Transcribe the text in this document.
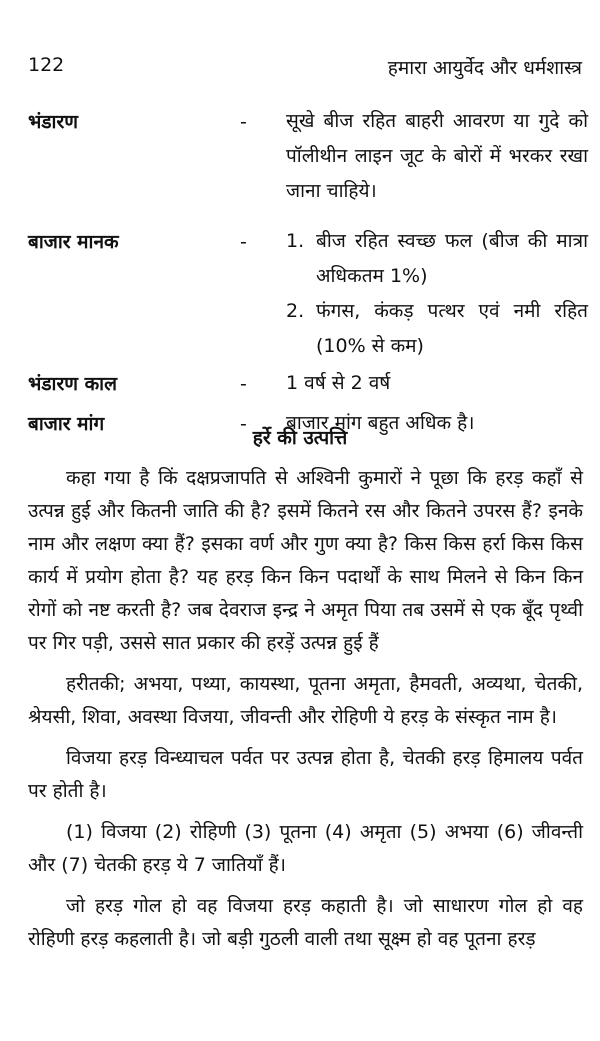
122	हमारा आयुर्वेद और धर्मशास्त्र
भंडारण	- सूखे बीज रहित बाहरी आवरण या गुदे को पॉलीथीन लाइन जूट के बोरों में भरकर रखा जाना चाहिये।
बाजार मानक	- 1. बीज रहित स्वच्छ फल (बीज की मात्रा अधिकतम 1%)
2. फंगस, कंकड़ पत्थर एवं नमी रहित (10% से कम)
भंडारण काल	- 1 वर्ष से 2 वर्ष
बाजार मांग	- बाजार मांग बहुत अधिक है।
हर्रे की उत्पत्ति

कहा गया है किं दक्षप्रजापति से अश्विनी कुमारों ने पूछा कि हरड़ कहाँ से उत्पन्न हुई और कितनी जाति की है? इसमें कितने रस और कितने उपरस हैं? इनके नाम और लक्षण क्या हैं? इसका वर्ण और गुण क्या है? किस किस हर्रा किस किस कार्य में प्रयोग होता है? यह हरड़ किन किन पदार्थों के साथ मिलने से किन किन रोगों को नष्ट करती है? जब देवराज इन्द्र ने अमृत पिया तब उसमें से एक बूँद पृथ्वी पर गिर पड़ी, उससे सात प्रकार की हरड़ें उत्पन्न हुई हैं

हरीतकी; अभया, पथ्या, कायस्था, पूतना अमृता, हैमवती, अव्यथा, चेतकी, श्रेयसी, शिवा, अवस्था विजया, जीवन्ती और रोहिणी ये हरड़ के संस्कृत नाम है।

विजया हरड़ विन्ध्याचल पर्वत पर उत्पन्न होता है, चेतकी हरड़ हिमालय पर्वत पर होती है।

(1) विजया (2) रोहिणी (3) पूतना (4) अमृता (5) अभया (6) जीवन्ती और (7) चेतकी हरड़ ये 7 जातियाँ हैं।

जो हरड़ गोल हो वह विजया हरड़ कहाती है। जो साधारण गोल हो वह रोहिणी हरड़ कहलाती है। जो बड़ी गुठली वाली तथा सूक्ष्म हो वह पूतना हरड़
